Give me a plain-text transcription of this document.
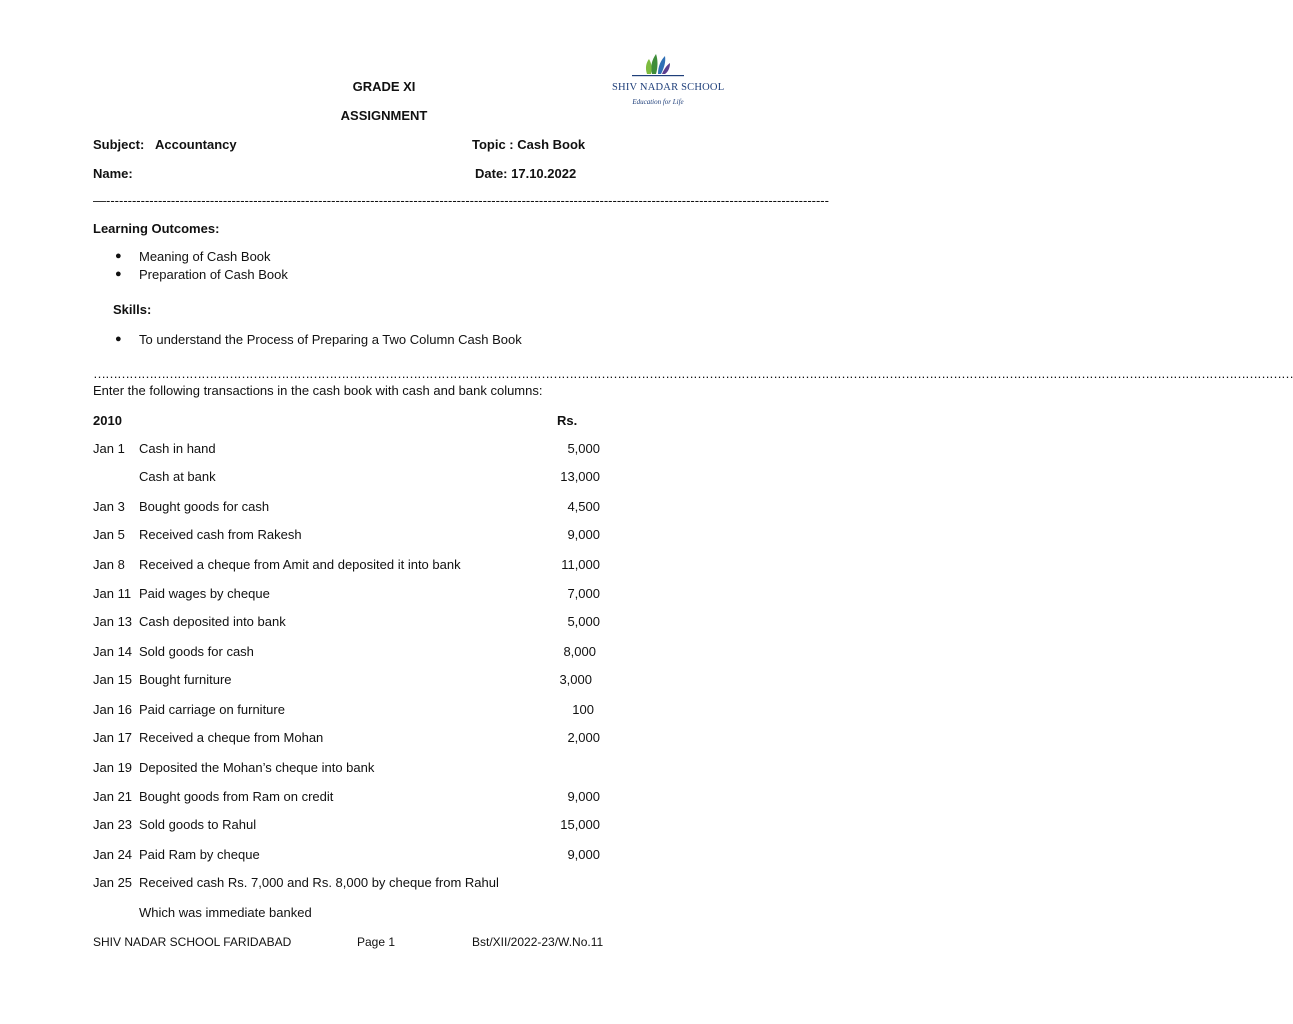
SHIV NADAR SCHOOL
Education for Life
GRADE XI
ASSIGNMENT
Subject: Accountancy	Topic : Cash Book
Name:	Date: 17.10.2022
—-----------------------------------------------------------------------------------------------------------------------------------------------------------------------
Learning Outcomes:
● Meaning of Cash Book
● Preparation of Cash Book
Skills:
● To understand the Process of Preparing a Two Column Cash Book
…………………………………………………………………………………………………………………………………………………………………………………………………………………………………………………………………………
Enter the following transactions in the cash book with cash and bank columns:
2010	Rs.
Jan 1 Cash in hand	5,000
Cash at bank	13,000
Jan 3 Bought goods for cash	4,500
Jan 5 Received cash from Rakesh	9,000
Jan 8 Received a cheque from Amit and deposited it into bank	11,000
Jan 11 Paid wages by cheque	7,000
Jan 13 Cash deposited into bank	5,000
Jan 14 Sold goods for cash	8,000
Jan 15 Bought furniture	3,000
Jan 16 Paid carriage on furniture	100
Jan 17 Received a cheque from Mohan	2,000
Jan 19 Deposited the Mohan’s cheque into bank
Jan 21 Bought goods from Ram on credit	9,000
Jan 23 Sold goods to Rahul	15,000
Jan 24 Paid Ram by cheque	9,000
Jan 25 Received cash Rs. 7,000 and Rs. 8,000 by cheque from Rahul
Which was immediate banked
SHIV NADAR SCHOOL FARIDABAD	Page 1	Bst/XII/2022-23/W.No.11
